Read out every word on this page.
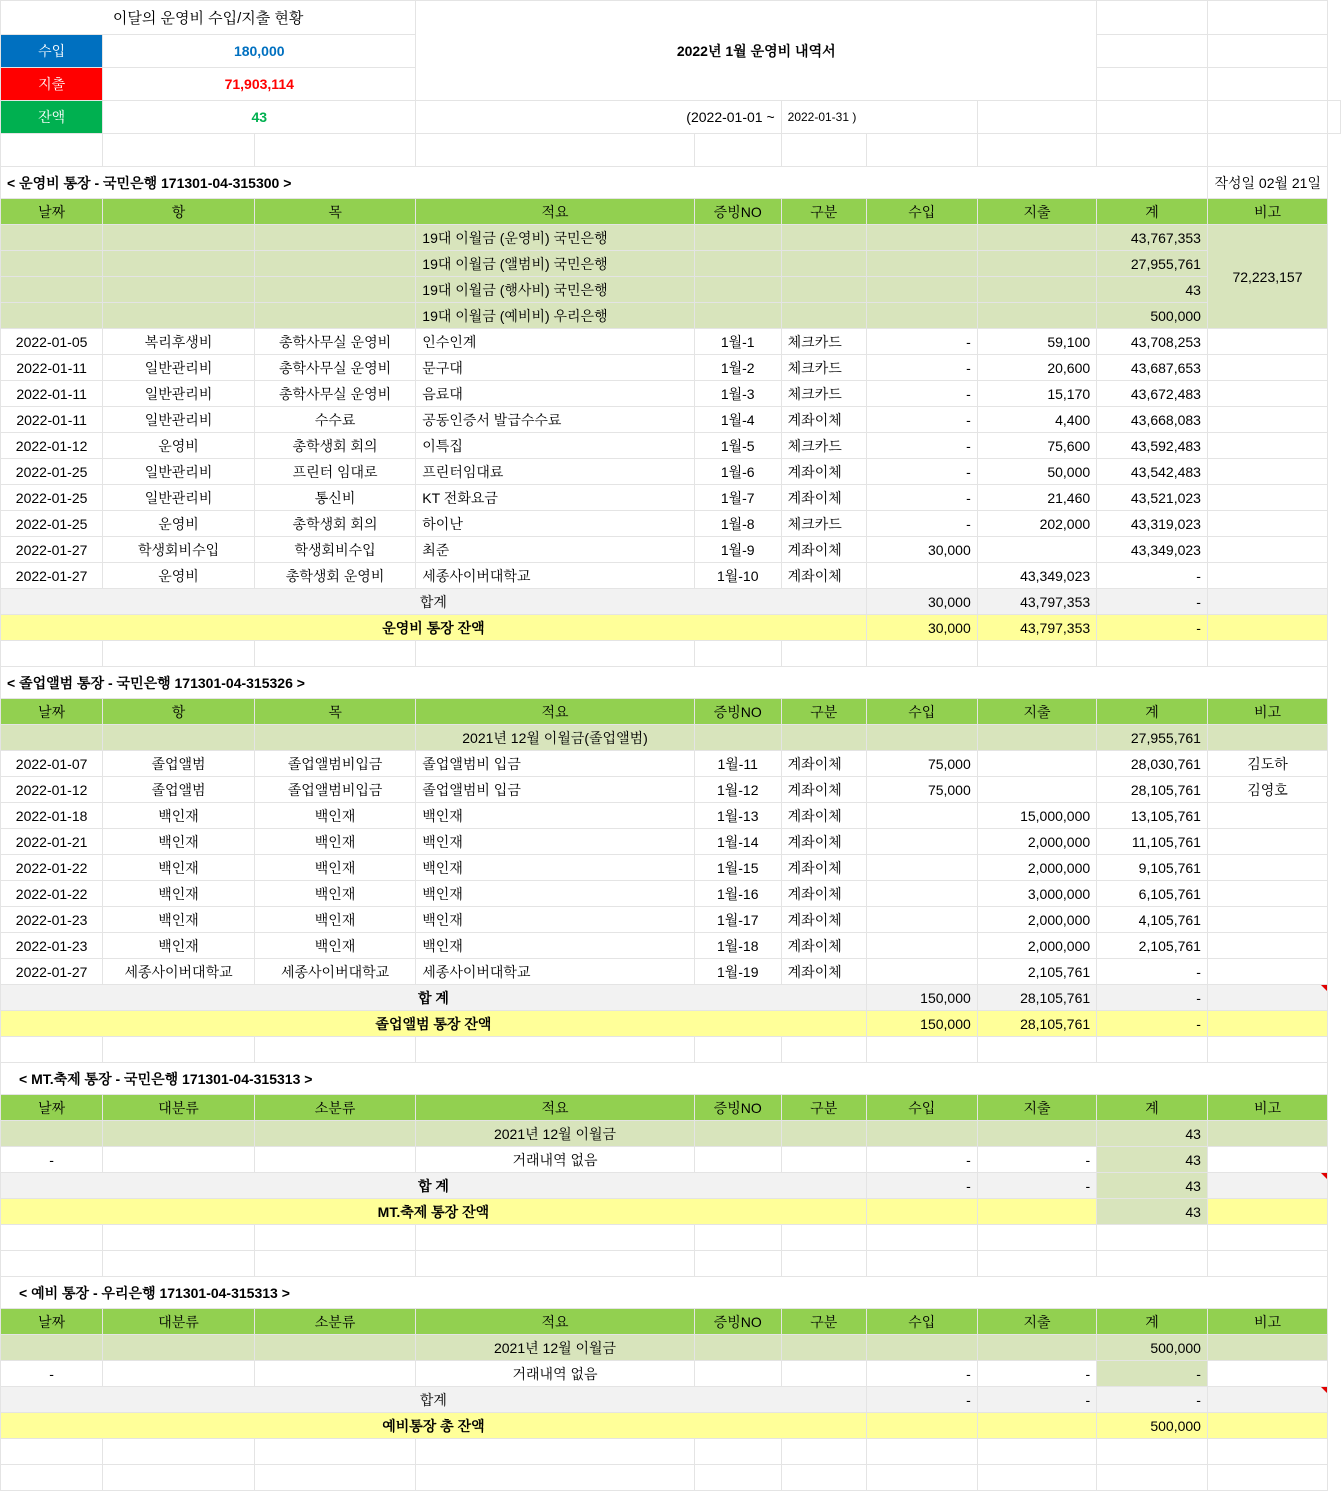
이달의 운영비 수입/지출 현황			2022년 1월 운영비 내역서							
수입	180,000									
지출	71,903,114									
잔액	43		(2022-01-01 ~		2022-01-31 )					

< 운영비 통장 - 국민은행 171301-04-315300 >									작성일 02월 21일	
날짜	항	목	적요	증빙NO	구분	수입	지출	계	비고	
			19대 이월금 (운영비) 국민은행					43,767,353	72,223,157	
			19대 이월금 (앨범비) 국민은행					27,955,761		
			19대 이월금 (행사비) 국민은행					43		
			19대 이월금 (예비비) 우리은행					500,000		
2022-01-05	복리후생비	총학사무실 운영비	인수인계	1월-1	체크카드	-	59,100	43,708,253		
2022-01-11	일반관리비	총학사무실 운영비	문구대	1월-2	체크카드	-	20,600	43,687,653		
2022-01-11	일반관리비	총학사무실 운영비	음료대	1월-3	체크카드	-	15,170	43,672,483		
2022-01-11	일반관리비	수수료	공동인증서 발급수수료	1월-4	계좌이체	-	4,400	43,668,083		
2022-01-12	운영비	총학생회 회의	이특집	1월-5	체크카드	-	75,600	43,592,483		
2022-01-25	일반관리비	프린터 임대로	프린터임대료	1월-6	계좌이체	-	50,000	43,542,483		
2022-01-25	일반관리비	통신비	KT 전화요금	1월-7	계좌이체	-	21,460	43,521,023		
2022-01-25	운영비	총학생회 회의	하이난	1월-8	체크카드	-	202,000	43,319,023		
2022-01-27	학생회비수입	학생회비수입	최준	1월-9	계좌이체	30,000		43,349,023		
2022-01-27	운영비	총학생회 운영비	세종사이버대학교	1월-10	계좌이체		43,349,023	-		
합계						30,000	43,797,353	-		
운영비 통장 잔액						30,000	43,797,353	-		

< 졸업앨범 통장 - 국민은행 171301-04-315326 >										
날짜	항	목	적요	증빙NO	구분	수입	지출	계	비고	
			2021년 12월 이월금(졸업앨범)					27,955,761		
2022-01-07	졸업앨범	졸업앨범비입금	졸업앨범비 입금	1월-11	계좌이체	75,000		28,030,761	김도하	
2022-01-12	졸업앨범	졸업앨범비입금	졸업앨범비 입금	1월-12	계좌이체	75,000		28,105,761	김영호	
2022-01-18	백인재	백인재	백인재	1월-13	계좌이체		15,000,000	13,105,761		
2022-01-21	백인재	백인재	백인재	1월-14	계좌이체		2,000,000	11,105,761		
2022-01-22	백인재	백인재	백인재	1월-15	계좌이체		2,000,000	9,105,761		
2022-01-22	백인재	백인재	백인재	1월-16	계좌이체		3,000,000	6,105,761		
2022-01-23	백인재	백인재	백인재	1월-17	계좌이체		2,000,000	4,105,761		
2022-01-23	백인재	백인재	백인재	1월-18	계좌이체		2,000,000	2,105,761		
2022-01-27	세종사이버대학교	세종사이버대학교	세종사이버대학교	1월-19	계좌이체		2,105,761	-		
합 계						150,000	28,105,761	-		
졸업앨범 통장 잔액						150,000	28,105,761	-		

< MT.축제 통장 - 국민은행 171301-04-315313 >										
날짜	대분류	소분류	적요	증빙NO	구분	수입	지출	계	비고	
			2021년 12월 이월금					43		
-			거래내역 없음			-	-	43		
합 계						-	-	43		
MT.축제 통장 잔액								43		

< 예비 통장 - 우리은행 171301-04-315313 >										
날짜	대분류	소분류	적요	증빙NO	구분	수입	지출	계	비고	
			2021년 12월 이월금					500,000		
-			거래내역 없음			-	-	-		
합계						-	-	-		
예비통장 총 잔액								500,000		
